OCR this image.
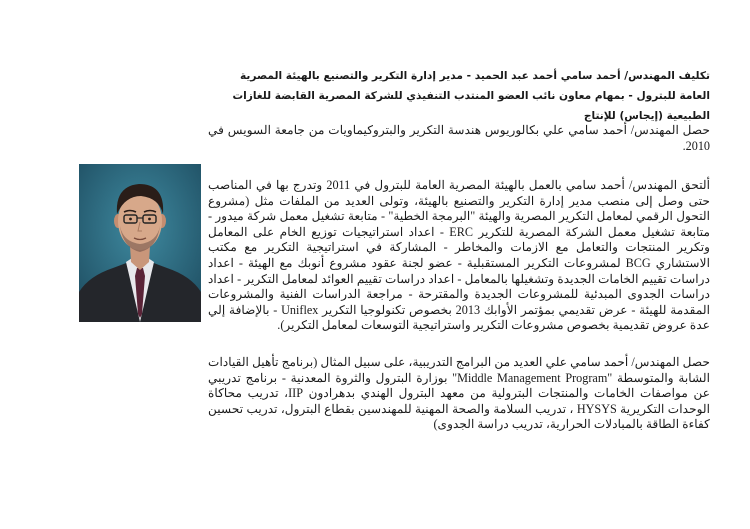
تكليف المهندس/ أحمد سامي أحمد عبد الحميد - مدير إدارة التكرير والتصنيع بالهيئة المصرية العامة للبترول - بمهام معاون نائب العضو المنتدب التنفيذي للشركة المصرية القابضة للغازات الطبيعية (إيجاس) للإنتاج

حصل المهندس/ أحمد سامي علي بكالوريوس هندسة التكرير والبتروكيماويات من جامعة السويس في 2010.

ألتحق المهندس/ أحمد سامي بالعمل بالهيئة المصرية العامة للبترول في 2011 وتدرج بها في المناصب حتى وصل إلى منصب مدير إدارة التكرير والتصنيع بالهيئة، وتولى العديد من الملفات مثل (مشروع التحول الرقمي لمعامل التكرير المصرية والهيئة "البرمجة الخطية" - متابعة تشغيل معمل شركة ميدور - متابعة تشغيل معمل الشركة المصرية للتكرير ERC - اعداد استراتيجيات توزيع الخام على المعامل وتكرير المنتجات والتعامل مع الازمات والمخاطر - المشاركة في استراتيجية التكرير مع مكتب الاستشاري BCG لمشروعات التكرير المستقبلية - عضو لجنة عقود مشروع أنوبك مع الهيئة - اعداد دراسات تقييم الخامات الجديدة وتشغيلها بالمعامل - اعداد دراسات تقييم العوائد لمعامل التكرير - اعداد دراسات الجدوى المبدئية للمشروعات الجديدة والمقترحة - مراجعة الدراسات الفنية والمشروعات المقدمة للهيئة - عرض تقديمي بمؤتمر الأوابك 2013 بخصوص تكنولوجيا التكرير Uniflex - بالإضافة إلي عدة عروض تقديمية بخصوص مشروعات التكرير واستراتيجية التوسعات لمعامل التكرير).

حصل المهندس/ أحمد سامي علي العديد من البرامج التدريبية، على سبيل المثال (برنامج تأهيل القيادات الشابة والمتوسطة "Middle Management Program" بوزارة البترول والثروة المعدنية - برنامج تدريبي عن مواصفات الخامات والمنتجات البترولية من معهد البترول الهندي بدهرادون IIP، تدريب محاكاة الوحدات التكريرية HYSYS ، تدريب السلامة والصحة المهنية للمهندسين بقطاع البترول، تدريب تحسين كفاءة الطاقة بالمبادلات الحرارية، تدريب دراسة الجدوى)
